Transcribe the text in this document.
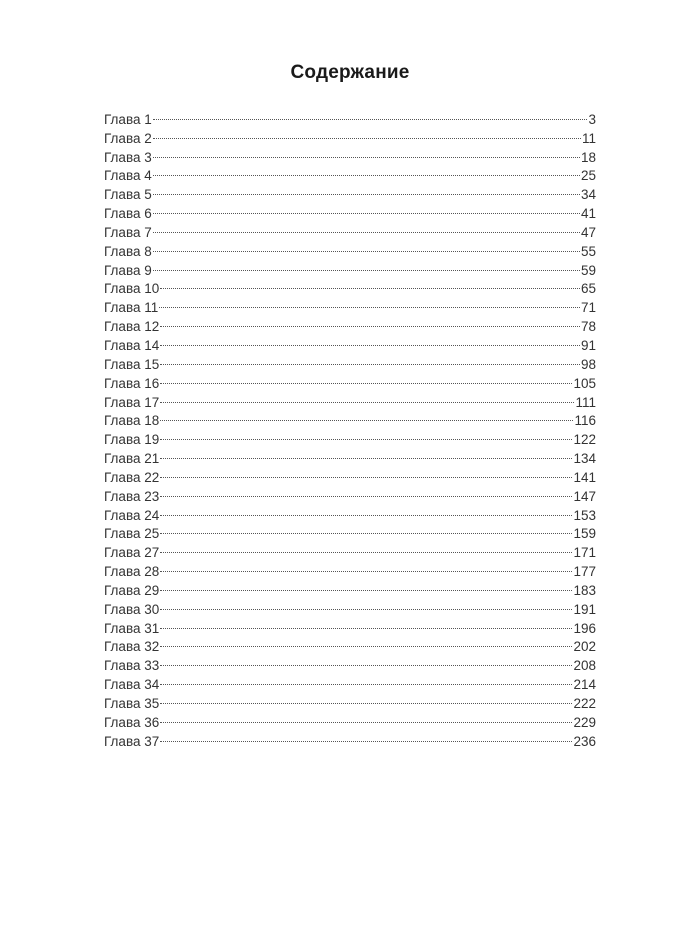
Содержание
Глава 1	3
Глава 2	11
Глава 3	18
Глава 4	25
Глава 5	34
Глава 6	41
Глава 7	47
Глава 8	55
Глава 9	59
Глава 10	65
Глава 11	71
Глава 12	78
Глава 14	91
Глава 15	98
Глава 16	105
Глава 17	111
Глава 18	116
Глава 19	122
Глава 21	134
Глава 22	141
Глава 23	147
Глава 24	153
Глава 25	159
Глава 27	171
Глава 28	177
Глава 29	183
Глава 30	191
Глава 31	196
Глава 32	202
Глава 33	208
Глава 34	214
Глава 35	222
Глава 36	229
Глава 37	236
